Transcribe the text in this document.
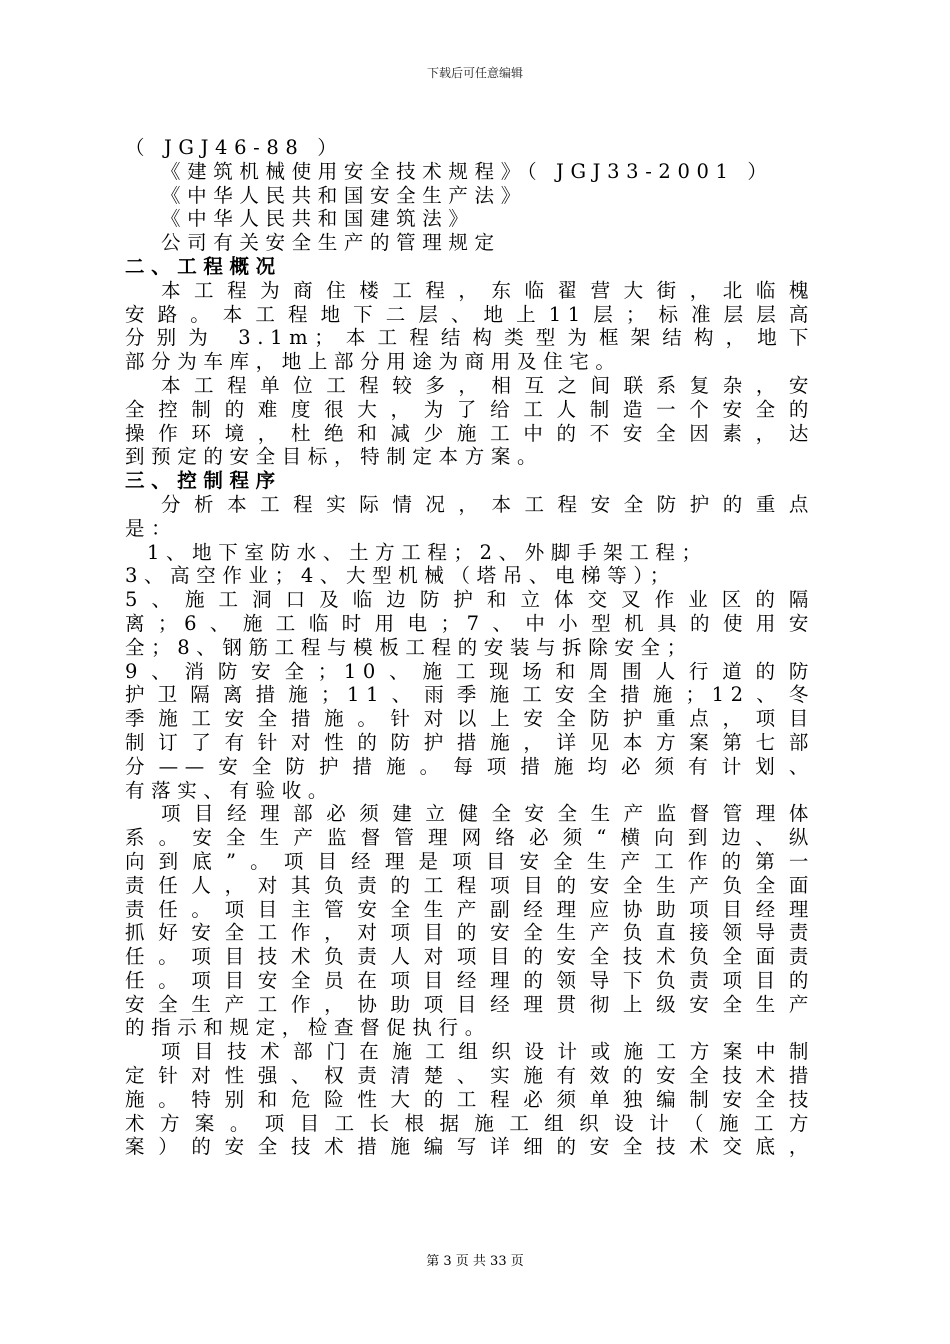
下载后可任意编辑
（ JGJ46-88 ）
《建筑机械使用安全技术规程》（ JGJ33-2001 ）
《中华人民共和国安全生产法》
《中华人民共和国建筑法》
公司有关安全生产的管理规定
二、工程概况
本工程为商住楼工程，东临翟营大街，北临槐
安路。本工程地下二层、地上11层；标准层层高
分别为 3.1m；本工程结构类型为框架结构，地下
部分为车库，地上部分用途为商用及住宅。
本工程单位工程较多，相互之间联系复杂，安
全控制的难度很大，为了给工人制造一个安全的
操作环境，杜绝和减少施工中的不安全因素，达
到预定的安全目标，特制定本方案。
三、控制程序
分析本工程实际情况，本工程安全防护的重点
是：
1、地下室防水、土方工程；2、外脚手架工程；
3、高空作业；4、大型机械（塔吊、电梯等）；
5、施工洞口及临边防护和立体交叉作业区的隔
离；6、施工临时用电；7、中小型机具的使用安
全；8、钢筋工程与模板工程的安装与拆除安全；
9、消防安全；10、施工现场和周围人行道的防
护卫隔离措施；11、雨季施工安全措施；12、冬
季施工安全措施。针对以上安全防护重点，项目
制订了有针对性的防护措施，详见本方案第七部
分——安全防护措施。每项措施均必须有计划、
有落实、有验收。
项目经理部必须建立健全安全生产监督管理体
系。安全生产监督管理网络必须“横向到边、纵
向到底”。项目经理是项目安全生产工作的第一
责任人，对其负责的工程项目的安全生产负全面
责任。项目主管安全生产副经理应协助项目经理
抓好安全工作，对项目的安全生产负直接领导责
任。项目技术负责人对项目的安全技术负全面责
任。项目安全员在项目经理的领导下负责项目的
安全生产工作，协助项目经理贯彻上级安全生产
的指示和规定，检查督促执行。
项目技术部门在施工组织设计或施工方案中制
定针对性强、权责清楚、实施有效的安全技术措
施。特别和危险性大的工程必须单独编制安全技
术方案。项目工长根据施工组织设计（施工方
案）的安全技术措施编写详细的安全技术交底，
第 3 页 共 33 页
